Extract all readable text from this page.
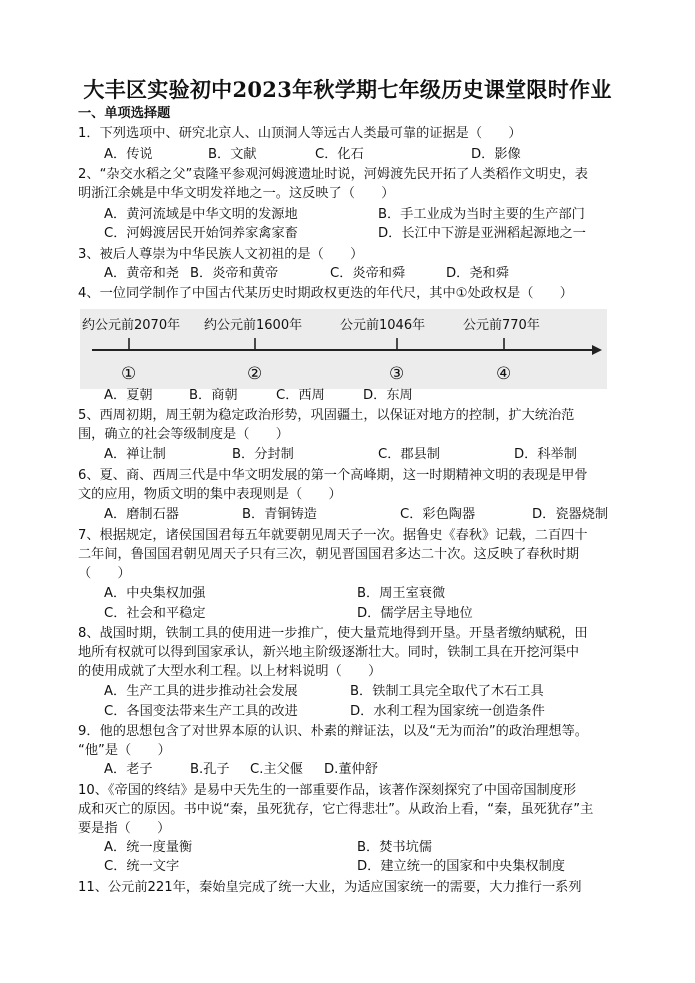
大丰区实验初中2023年秋学期七年级历史课堂限时作业
一、单项选择题
1．下列选项中、研究北京人、山顶洞人等远古人类最可靠的证据是（　　）
A．传说	B．文献	C．化石	D．影像
2、“杂交水稻之父”袁隆平参观河姆渡遗址时说，河姆渡先民开拓了人类稻作文明史，表
明浙江余姚是中华文明发祥地之一。这反映了（　　）
A．黄河流域是中华文明的发源地	B．手工业成为当时主要的生产部门
C．河姆渡居民开始饲养家禽家畜	D．长江中下游是亚洲稻起源地之一
3、被后人尊崇为中华民族人文初祖的是（　　）
A．黄帝和尧 B．炎帝和黄帝	C．炎帝和舜	D．尧和舜
4、一位同学制作了中国古代某历史时期政权更迭的年代尺，其中①处政权是（　　）
约公元前2070年 约公元前1600年	公元前1046年	公元前770年
①	②	③	④
A．夏朝	B．商朝	C．西周	D．东周
5、西周初期，周王朝为稳定政治形势，巩固疆土，以保证对地方的控制，扩大统治范
围，确立的社会等级制度是（　　）
A．禅让制	B．分封制	C．郡县制	D．科举制
6、夏、商、西周三代是中华文明发展的第一个高峰期，这一时期精神文明的表现是甲骨
文的应用，物质文明的集中表现则是（　　）
A．磨制石器	B．青铜铸造	C．彩色陶器	D．瓷器烧制
7、根据规定，诸侯国国君每五年就要朝见周天子一次。据鲁史《春秋》记载，二百四十
二年间，鲁国国君朝见周天子只有三次，朝见晋国国君多达二十次。这反映了春秋时期
（　　）
A．中央集权加强	B．周王室衰微
C．社会和平稳定	D．儒学居主导地位
8、战国时期，铁制工具的使用进一步推广，使大量荒地得到开垦。开垦者缴纳赋税，田
地所有权就可以得到国家承认，新兴地主阶级逐渐壮大。同时，铁制工具在开挖河渠中
的使用成就了大型水利工程。以上材料说明（　　）
A．生产工具的进步推动社会发展	B．铁制工具完全取代了木石工具
C．各国变法带来生产工具的改进	D．水利工程为国家统一创造条件
9．他的思想包含了对世界本原的认识、朴素的辩证法，以及“无为而治”的政治理想等。
“他”是（　　）
A．老子	B.孔子 C.主父偃 D.董仲舒
10、《帝国的终结》是易中天先生的一部重要作品，该著作深刻探究了中国帝国制度形
成和灭亡的原因。书中说“秦，虽死犹存，它亡得悲壮”。从政治上看，“秦，虽死犹存”主
要是指（　　）
A．统一度量衡	B．焚书坑儒
C．统一文字	D．建立统一的国家和中央集权制度
11、公元前221年，秦始皇完成了统一大业，为适应国家统一的需要，大力推行一系列
